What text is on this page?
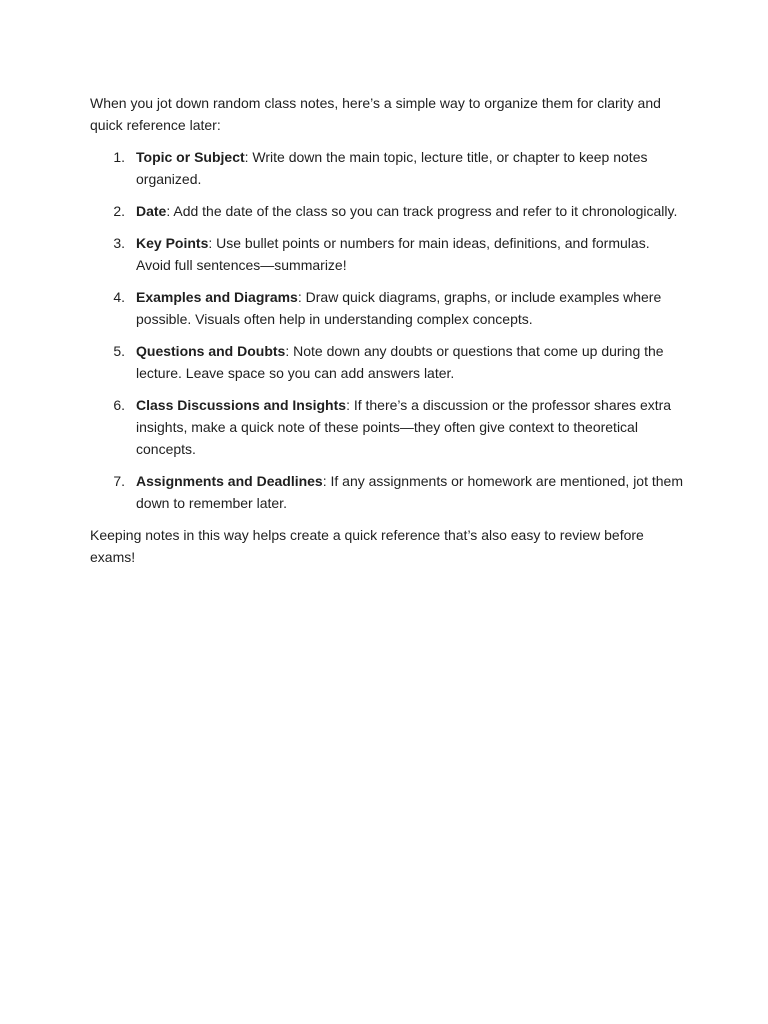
When you jot down random class notes, here’s a simple way to organize them for clarity and quick reference later:

1. Topic or Subject: Write down the main topic, lecture title, or chapter to keep notes organized.
2. Date: Add the date of the class so you can track progress and refer to it chronologically.
3. Key Points: Use bullet points or numbers for main ideas, definitions, and formulas. Avoid full sentences—summarize!
4. Examples and Diagrams: Draw quick diagrams, graphs, or include examples where possible. Visuals often help in understanding complex concepts.
5. Questions and Doubts: Note down any doubts or questions that come up during the lecture. Leave space so you can add answers later.
6. Class Discussions and Insights: If there’s a discussion or the professor shares extra insights, make a quick note of these points—they often give context to theoretical concepts.
7. Assignments and Deadlines: If any assignments or homework are mentioned, jot them down to remember later.

Keeping notes in this way helps create a quick reference that’s also easy to review before exams!
